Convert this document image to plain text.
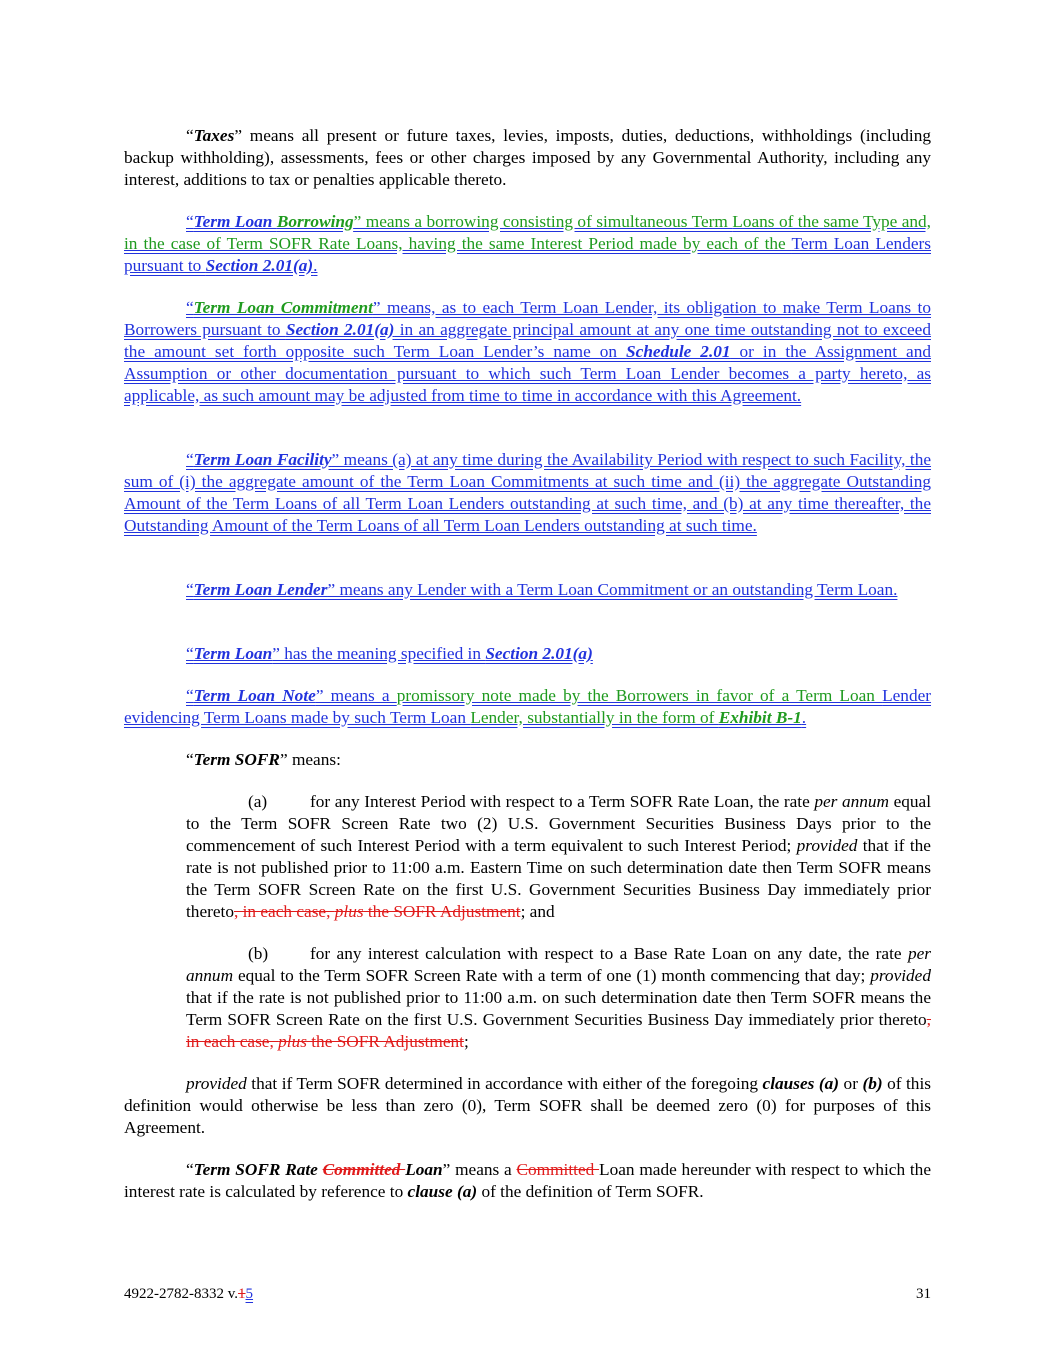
“Taxes” means all present or future taxes, levies, imposts, duties, deductions, withholdings (including backup withholding), assessments, fees or other charges imposed by any Governmental Authority, including any interest, additions to tax or penalties applicable thereto.

“Term Loan Borrowing” means a borrowing consisting of simultaneous Term Loans of the same Type and, in the case of Term SOFR Rate Loans, having the same Interest Period made by each of the Term Loan Lenders pursuant to Section 2.01(a).

“Term Loan Commitment” means, as to each Term Loan Lender, its obligation to make Term Loans to Borrowers pursuant to Section 2.01(a) in an aggregate principal amount at any one time outstanding not to exceed the amount set forth opposite such Term Loan Lender’s name on Schedule 2.01 or in the Assignment and Assumption or other documentation pursuant to which such Term Loan Lender becomes a party hereto, as applicable, as such amount may be adjusted from time to time in accordance with this Agreement.

“Term Loan Facility” means (a) at any time during the Availability Period with respect to such Facility, the sum of (i) the aggregate amount of the Term Loan Commitments at such time and (ii) the aggregate Outstanding Amount of the Term Loans of all Term Loan Lenders outstanding at such time, and (b) at any time thereafter, the Outstanding Amount of the Term Loans of all Term Loan Lenders outstanding at such time.

“Term Loan Lender” means any Lender with a Term Loan Commitment or an outstanding Term Loan.

“Term Loan” has the meaning specified in Section 2.01(a)

“Term Loan Note” means a promissory note made by the Borrowers in favor of a Term Loan Lender evidencing Term Loans made by such Term Loan Lender, substantially in the form of Exhibit B-1.

“Term SOFR” means:

(a) for any Interest Period with respect to a Term SOFR Rate Loan, the rate per annum equal to the Term SOFR Screen Rate two (2) U.S. Government Securities Business Days prior to the commencement of such Interest Period with a term equivalent to such Interest Period; provided that if the rate is not published prior to 11:00 a.m. Eastern Time on such determination date then Term SOFR means the Term SOFR Screen Rate on the first U.S. Government Securities Business Day immediately prior thereto, in each case, plus the SOFR Adjustment; and

(b) for any interest calculation with respect to a Base Rate Loan on any date, the rate per annum equal to the Term SOFR Screen Rate with a term of one (1) month commencing that day; provided that if the rate is not published prior to 11:00 a.m. on such determination date then Term SOFR means the Term SOFR Screen Rate on the first U.S. Government Securities Business Day immediately prior thereto, in each case, plus the SOFR Adjustment;

provided that if Term SOFR determined in accordance with either of the foregoing clauses (a) or (b) of this definition would otherwise be less than zero (0), Term SOFR shall be deemed zero (0) for purposes of this Agreement.

“Term SOFR Rate Committed Loan” means a Committed Loan made hereunder with respect to which the interest rate is calculated by reference to clause (a) of the definition of Term SOFR.

4922-2782-8332 v.15	31
